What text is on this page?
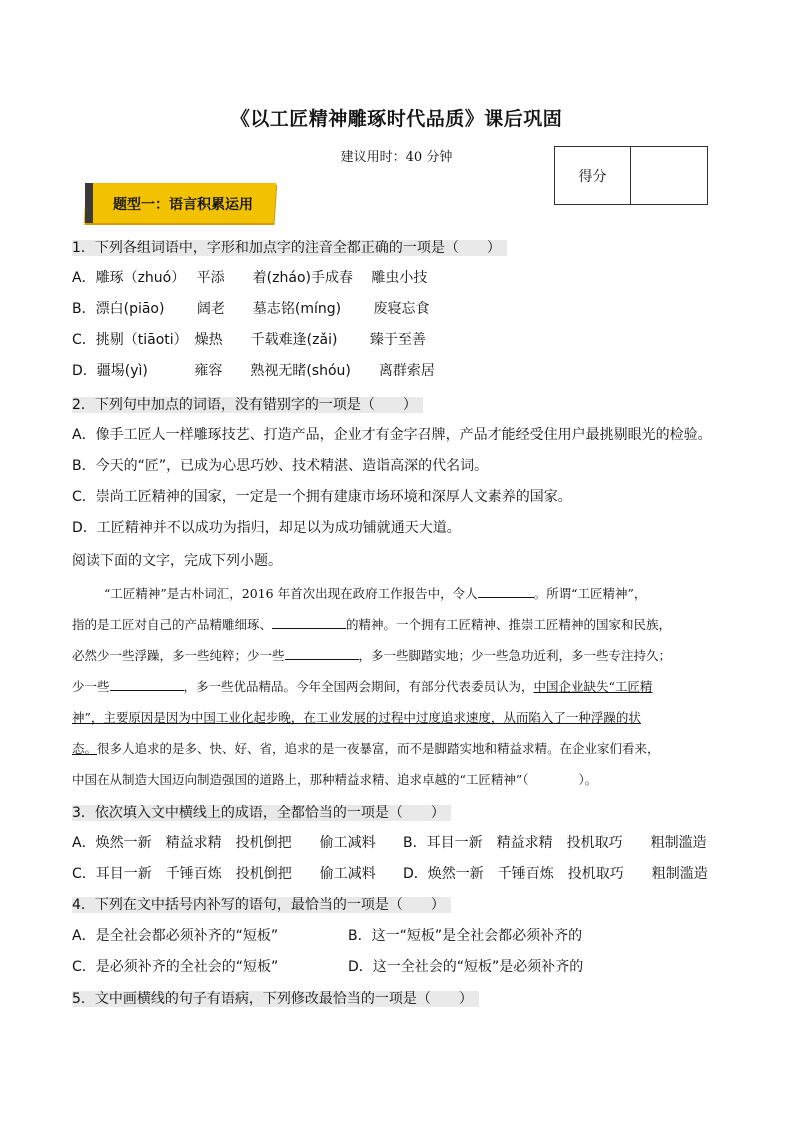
《以工匠精神雕琢时代品质》课后巩固
建议用时：40 分钟
得分
题型一：语言积累运用
1．下列各组词语中，字形和加点字的注音全都正确的一项是（　　）
A．雕琢（zhuó）　 平添　　着(zháo)手成春　 雕虫小技
B．漂白(piāo)　　 阔老　　墓志铭(míng)　　 废寝忘食
C．挑剔（tiāoti）　燥热　　千载难逢(zǎi)　　 臻于至善
D．疆埸(yì)　　　 雍容　　熟视无睹(shóu)　　离群索居
2．下列句中加点的词语，没有错别字的一项是（　　）
A．像手工匠人一样雕琢技艺、打造产品，企业才有金字召牌，产品才能经受住用户最挑剔眼光的检验。
B．今天的“匠”，已成为心思巧妙、技术精湛、造诣高深的代名词。
C．崇尚工匠精神的国家，一定是一个拥有建康市场环境和深厚人文素养的国家。
D．工匠精神并不以成功为指归，却足以为成功铺就通天大道。
阅读下面的文字，完成下列小题。
“工匠精神”是古朴词汇，2016 年首次出现在政府工作报告中，令人	。所谓“工匠精神”，
指的是工匠对自己的产品精雕细琢、	的精神。一个拥有工匠精神、推崇工匠精神的国家和民族，
必然少一些浮躁，多一些纯粹；少一些	，多一些脚踏实地；少一些急功近利，多一些专注持久；
少一些	，多一些优品精品。今年全国两会期间，有部分代表委员认为，中国企业缺失“工匠精
神”，主要原因是因为中国工业化起步晚，在工业发展的过程中过度追求速度，从而陷入了一种浮躁的状
态。很多人追求的是多、快、好、省，追求的是一夜暴富，而不是脚踏实地和精益求精。在企业家们看来，
中国在从制造大国迈向制造强国的道路上，那种精益求精、追求卓越的“工匠精神”（　　　　）。
3．依次填入文中横线上的成语，全都恰当的一项是（　　）
A．焕然一新　精益求精　投机倒把　　偷工减料 B．耳目一新　精益求精　投机取巧　　粗制滥造
C．耳目一新　千锤百炼　投机倒把　　偷工减料 D．焕然一新　千锤百炼　投机取巧　　粗制滥造
4．下列在文中括号内补写的语句，最恰当的一项是（　　）
A．是全社会都必须补齐的“短板”	B．这一“短板”是全社会都必须补齐的
C．是必须补齐的全社会的“短板”	D．这一全社会的“短板”是必须补齐的
5．文中画横线的句子有语病，下列修改最恰当的一项是（　　）
